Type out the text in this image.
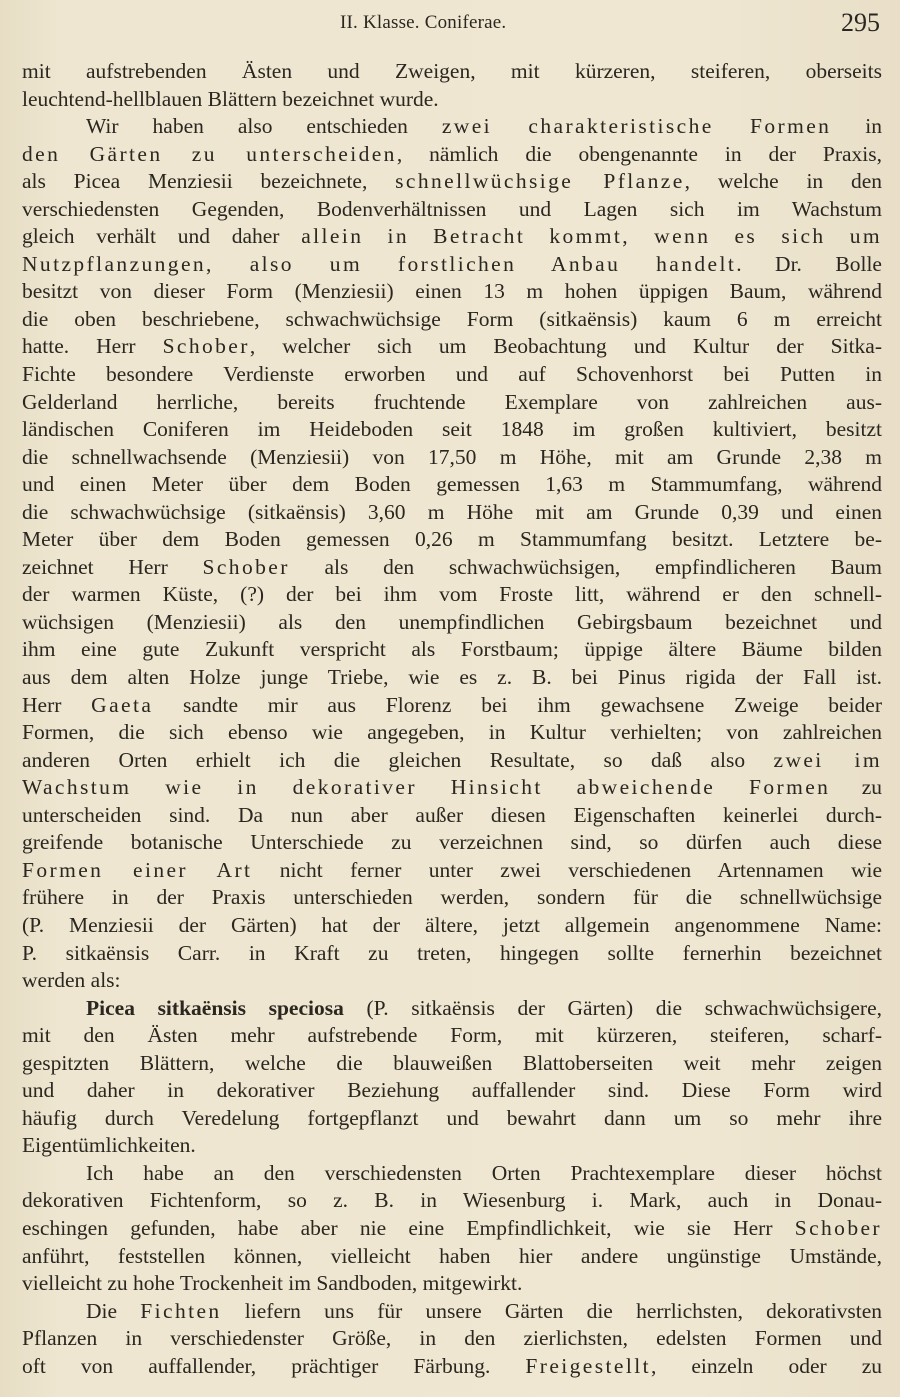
II. Klasse. Coniferae.	295
mit aufstrebenden Ästen und Zweigen, mit kürzeren, steiferen, oberseits
leuchtend-hellblauen Blättern bezeichnet wurde.
Wir haben also entschieden zwei charakteristische Formen in
den Gärten zu unterscheiden, nämlich die obengenannte in der Praxis,
als Picea Menziesii bezeichnete, schnellwüchsige Pflanze, welche in den
verschiedensten Gegenden, Bodenverhältnissen und Lagen sich im Wachstum
gleich verhält und daher allein in Betracht kommt, wenn es sich um
Nutzpflanzungen, also um forstlichen Anbau handelt. Dr. Bolle
besitzt von dieser Form (Menziesii) einen 13 m hohen üppigen Baum, während
die oben beschriebene, schwachwüchsige Form (sitkaënsis) kaum 6 m erreicht
hatte. Herr Schober, welcher sich um Beobachtung und Kultur der Sitka-
Fichte besondere Verdienste erworben und auf Schovenhorst bei Putten in
Gelderland herrliche, bereits fruchtende Exemplare von zahlreichen aus-
ländischen Coniferen im Heideboden seit 1848 im großen kultiviert, besitzt
die schnellwachsende (Menziesii) von 17,50 m Höhe, mit am Grunde 2,38 m
und einen Meter über dem Boden gemessen 1,63 m Stammumfang, während
die schwachwüchsige (sitkaënsis) 3,60 m Höhe mit am Grunde 0,39 und einen
Meter über dem Boden gemessen 0,26 m Stammumfang besitzt. Letztere be-
zeichnet Herr Schober als den schwachwüchsigen, empfindlicheren Baum
der warmen Küste, (?) der bei ihm vom Froste litt, während er den schnell-
wüchsigen (Menziesii) als den unempfindlichen Gebirgsbaum bezeichnet und
ihm eine gute Zukunft verspricht als Forstbaum; üppige ältere Bäume bilden
aus dem alten Holze junge Triebe, wie es z. B. bei Pinus rigida der Fall ist.
Herr Gaeta sandte mir aus Florenz bei ihm gewachsene Zweige beider
Formen, die sich ebenso wie angegeben, in Kultur verhielten; von zahlreichen
anderen Orten erhielt ich die gleichen Resultate, so daß also zwei im
Wachstum wie in dekorativer Hinsicht abweichende Formen zu
unterscheiden sind. Da nun aber außer diesen Eigenschaften keinerlei durch-
greifende botanische Unterschiede zu verzeichnen sind, so dürfen auch diese
Formen einer Art nicht ferner unter zwei verschiedenen Artennamen wie
frühere in der Praxis unterschieden werden, sondern für die schnellwüchsige
(P. Menziesii der Gärten) hat der ältere, jetzt allgemein angenommene Name:
P. sitkaënsis Carr. in Kraft zu treten, hingegen sollte fernerhin bezeichnet
werden als:
Picea sitkaënsis speciosa (P. sitkaënsis der Gärten) die schwachwüchsigere,
mit den Ästen mehr aufstrebende Form, mit kürzeren, steiferen, scharf-
gespitzten Blättern, welche die blauweißen Blattoberseiten weit mehr zeigen
und daher in dekorativer Beziehung auffallender sind. Diese Form wird
häufig durch Veredelung fortgepflanzt und bewahrt dann um so mehr ihre
Eigentümlichkeiten.
Ich habe an den verschiedensten Orten Prachtexemplare dieser höchst
dekorativen Fichtenform, so z. B. in Wiesenburg i. Mark, auch in Donau-
eschingen gefunden, habe aber nie eine Empfindlichkeit, wie sie Herr Schober
anführt, feststellen können, vielleicht haben hier andere ungünstige Umstände,
vielleicht zu hohe Trockenheit im Sandboden, mitgewirkt.
Die Fichten liefern uns für unsere Gärten die herrlichsten, dekorativsten
Pflanzen in verschiedenster Größe, in den zierlichsten, edelsten Formen und
oft von auffallender, prächtiger Färbung. Freigestellt, einzeln oder zu
